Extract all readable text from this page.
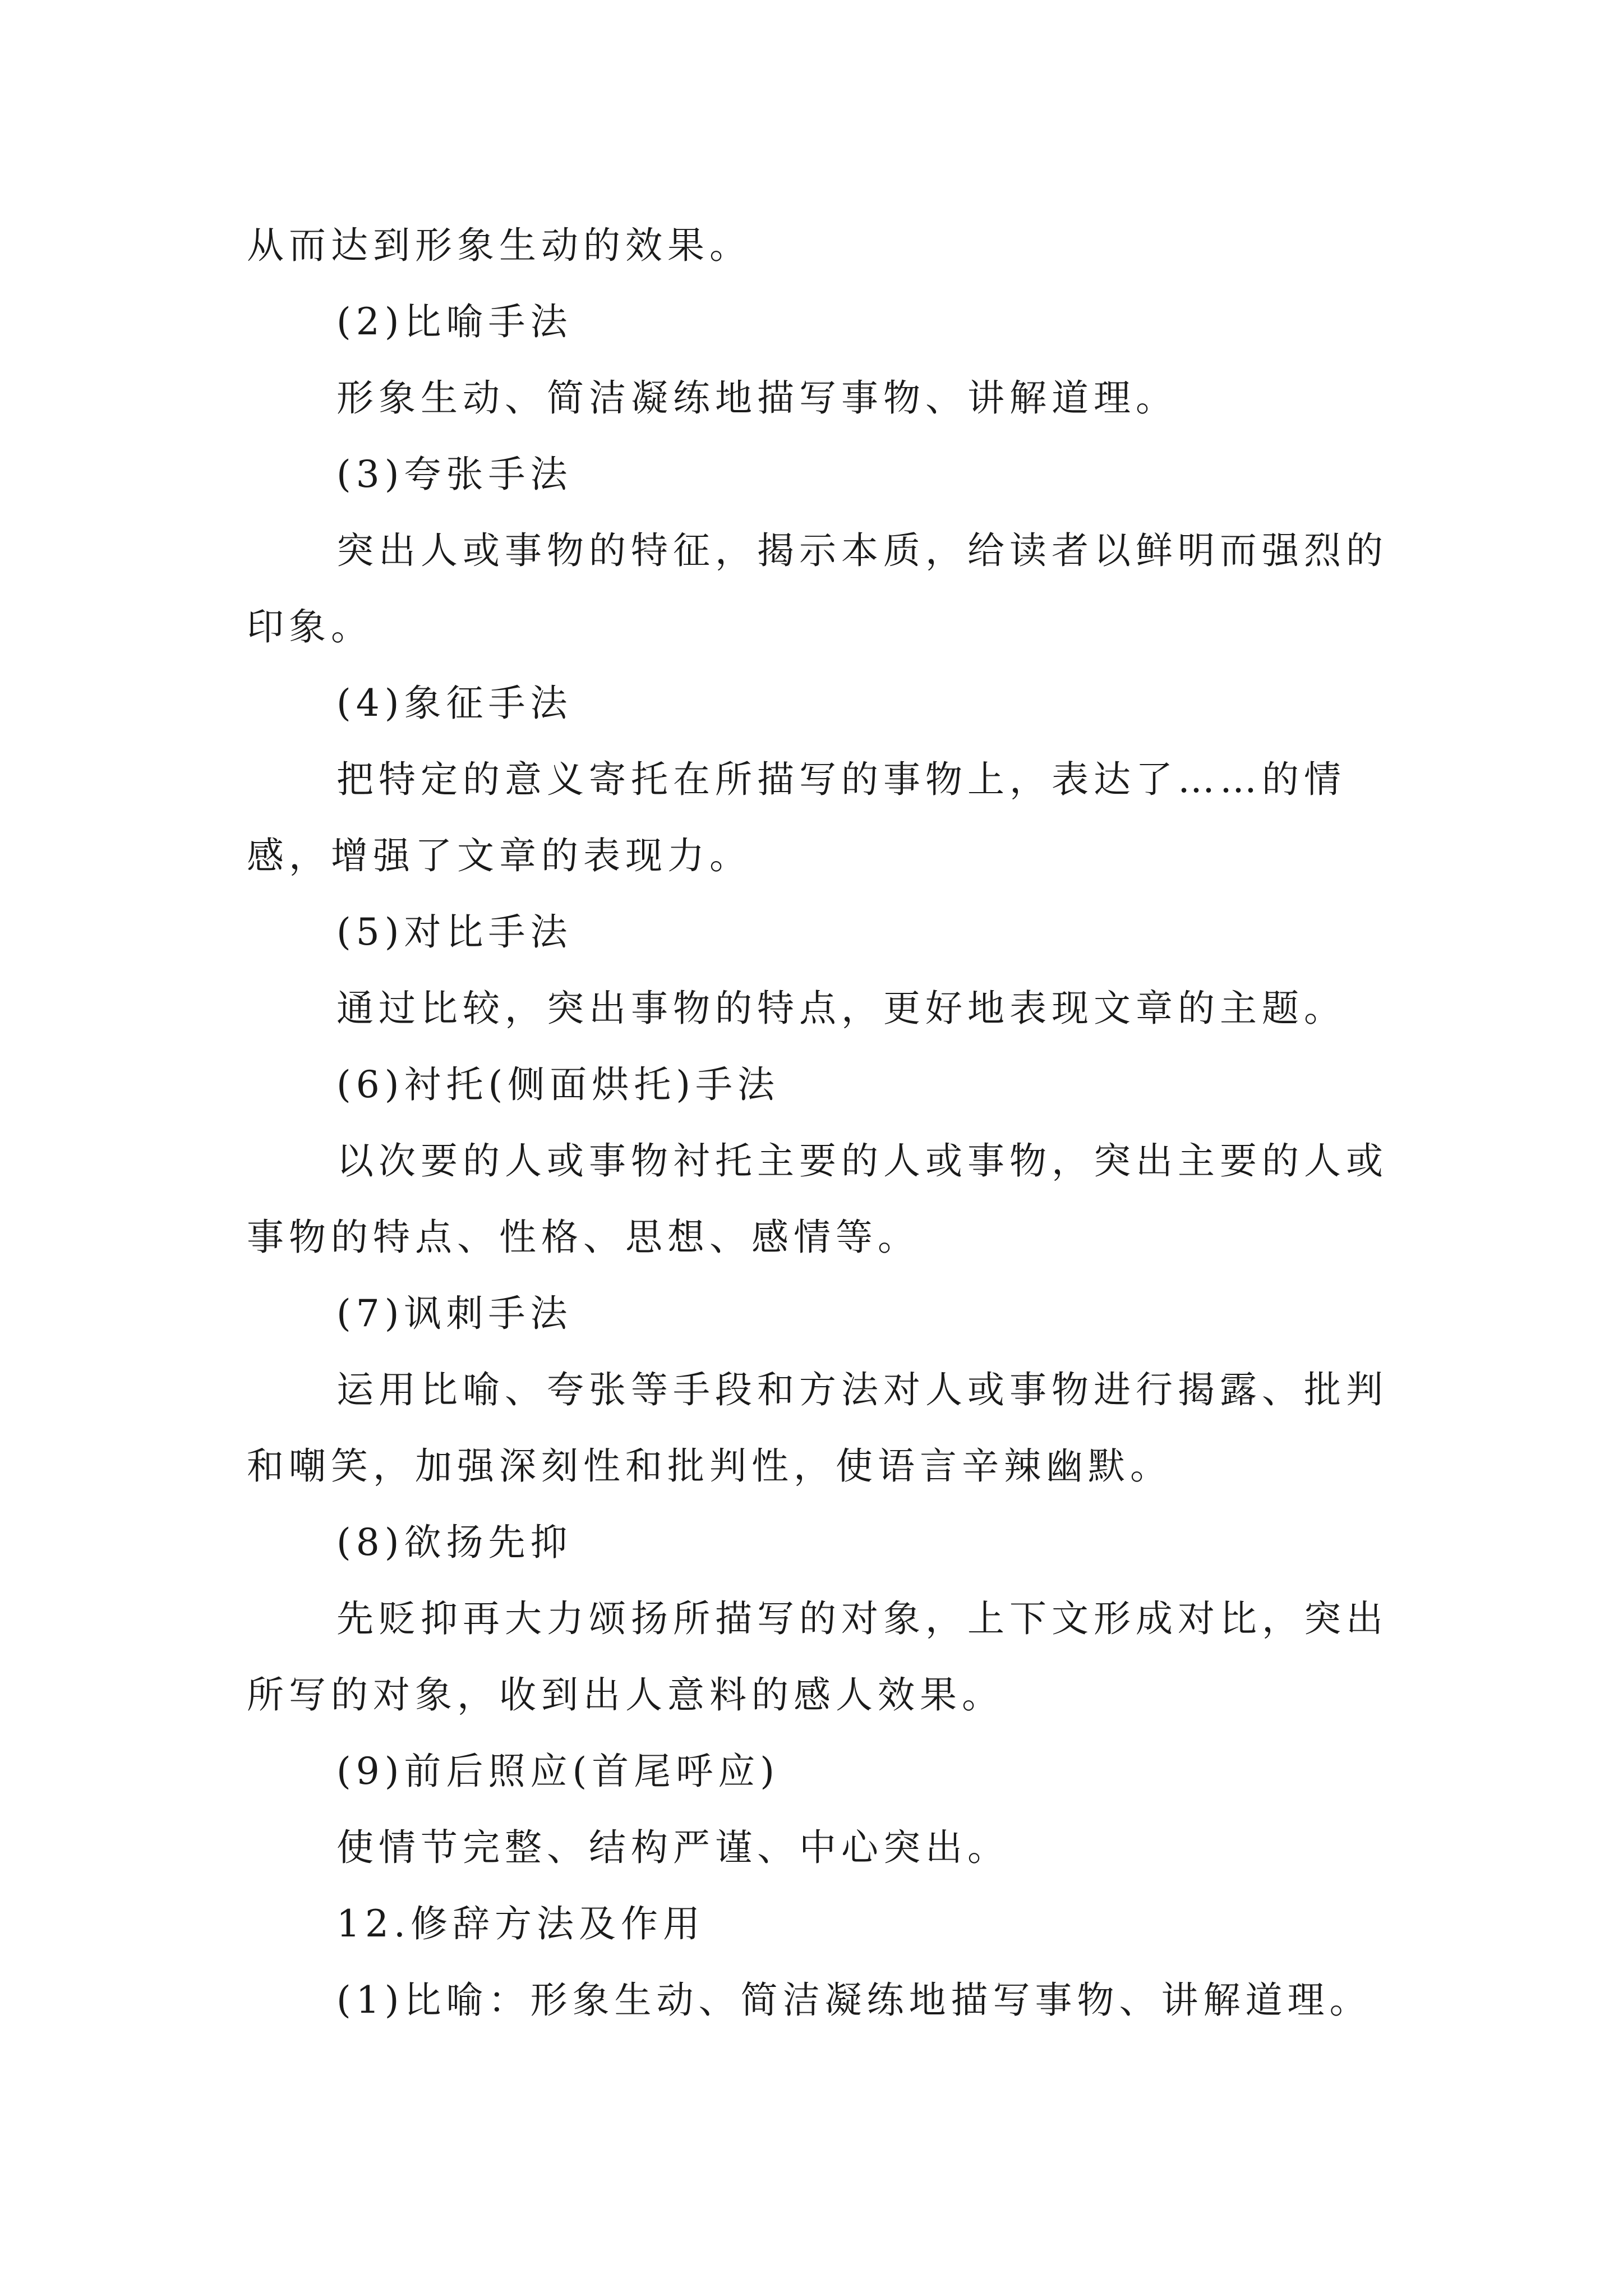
从而达到形象生动的效果。

(2)比喻手法

形象生动、简洁凝练地描写事物、讲解道理。

(3)夸张手法

突出人或事物的特征，揭示本质，给读者以鲜明而强烈的印象。

(4)象征手法

把特定的意义寄托在所描写的事物上，表达了……的情感，增强了文章的表现力。

(5)对比手法

通过比较，突出事物的特点，更好地表现文章的主题。

(6)衬托(侧面烘托)手法

以次要的人或事物衬托主要的人或事物，突出主要的人或事物的特点、性格、思想、感情等。

(7)讽刺手法

运用比喻、夸张等手段和方法对人或事物进行揭露、批判和嘲笑，加强深刻性和批判性，使语言辛辣幽默。

(8)欲扬先抑

先贬抑再大力颂扬所描写的对象，上下文形成对比，突出所写的对象，收到出人意料的感人效果。

(9)前后照应(首尾呼应)

使情节完整、结构严谨、中心突出。

12.修辞方法及作用

(1)比喻：形象生动、简洁凝练地描写事物、讲解道理。
